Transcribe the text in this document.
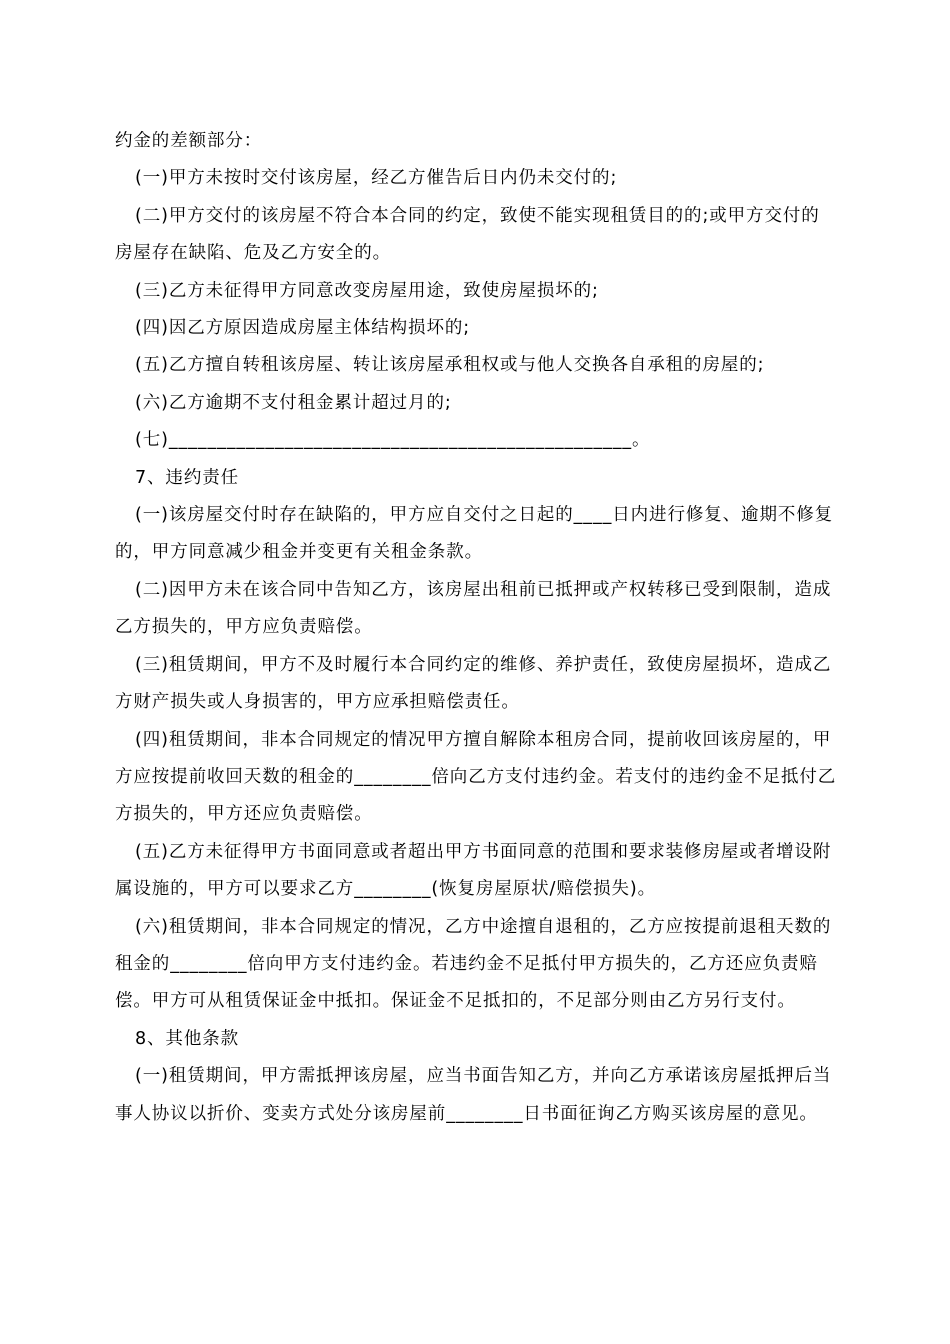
约金的差额部分：

(一)甲方未按时交付该房屋，经乙方催告后日内仍未交付的;

(二)甲方交付的该房屋不符合本合同的约定，致使不能实现租赁目的的;或甲方交付的房屋存在缺陷、危及乙方安全的。

(三)乙方未征得甲方同意改变房屋用途，致使房屋损坏的;

(四)因乙方原因造成房屋主体结构损坏的;

(五)乙方擅自转租该房屋、转让该房屋承租权或与他人交换各自承租的房屋的;

(六)乙方逾期不支付租金累计超过月的;

(七)________________________________________________。

7、违约责任

(一)该房屋交付时存在缺陷的，甲方应自交付之日起的____日内进行修复、逾期不修复的，甲方同意减少租金并变更有关租金条款。

(二)因甲方未在该合同中告知乙方，该房屋出租前已抵押或产权转移已受到限制，造成乙方损失的，甲方应负责赔偿。

(三)租赁期间，甲方不及时履行本合同约定的维修、养护责任，致使房屋损坏，造成乙方财产损失或人身损害的，甲方应承担赔偿责任。

(四)租赁期间，非本合同规定的情况甲方擅自解除本租房合同，提前收回该房屋的，甲方应按提前收回天数的租金的________倍向乙方支付违约金。若支付的违约金不足抵付乙方损失的，甲方还应负责赔偿。

(五)乙方未征得甲方书面同意或者超出甲方书面同意的范围和要求装修房屋或者增设附属设施的，甲方可以要求乙方________(恢复房屋原状/赔偿损失)。

(六)租赁期间，非本合同规定的情况，乙方中途擅自退租的，乙方应按提前退租天数的租金的________倍向甲方支付违约金。若违约金不足抵付甲方损失的，乙方还应负责赔偿。甲方可从租赁保证金中抵扣。保证金不足抵扣的，不足部分则由乙方另行支付。

8、其他条款

(一)租赁期间，甲方需抵押该房屋，应当书面告知乙方，并向乙方承诺该房屋抵押后当事人协议以折价、变卖方式处分该房屋前________日书面征询乙方购买该房屋的意见。
